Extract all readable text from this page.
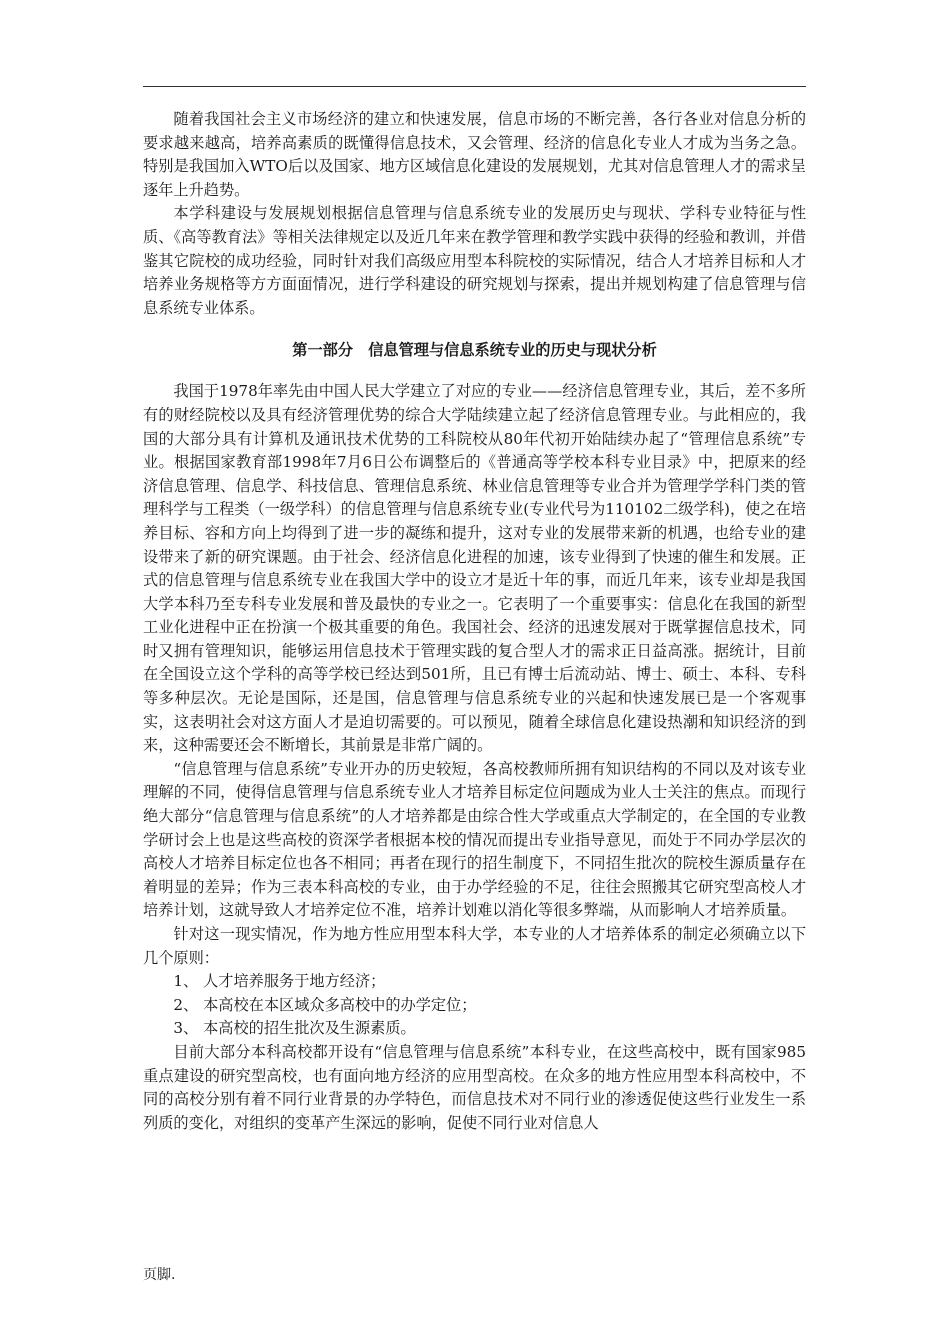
随着我国社会主义市场经济的建立和快速发展，信息市场的不断完善，各行各业对信息分析的要求越来越高，培养高素质的既懂得信息技术，又会管理、经济的信息化专业人才成为当务之急。特别是我国加入WTO后以及国家、地方区域信息化建设的发展规划，尤其对信息管理人才的需求呈逐年上升趋势。

本学科建设与发展规划根据信息管理与信息系统专业的发展历史与现状、学科专业特征与性质、《高等教育法》等相关法律规定以及近几年来在教学管理和教学实践中获得的经验和教训，并借鉴其它院校的成功经验，同时针对我们高级应用型本科院校的实际情况，结合人才培养目标和人才培养业务规格等方方面面情况，进行学科建设的研究规划与探索，提出并规划构建了信息管理与信息系统专业体系。

第一部分　信息管理与信息系统专业的历史与现状分析

我国于1978年率先由中国人民大学建立了对应的专业——经济信息管理专业，其后，差不多所有的财经院校以及具有经济管理优势的综合大学陆续建立起了经济信息管理专业。与此相应的，我国的大部分具有计算机及通讯技术优势的工科院校从80年代初开始陆续办起了“管理信息系统”专业。根据国家教育部1998年7月6日公布调整后的《普通高等学校本科专业目录》中，把原来的经济信息管理、信息学、科技信息、管理信息系统、林业信息管理等专业合并为管理学学科门类的管理科学与工程类（一级学科）的信息管理与信息系统专业(专业代号为110102二级学科)，使之在培养目标、容和方向上均得到了进一步的凝练和提升，这对专业的发展带来新的机遇，也给专业的建设带来了新的研究课题。由于社会、经济信息化进程的加速，该专业得到了快速的催生和发展。正式的信息管理与信息系统专业在我国大学中的设立才是近十年的事，而近几年来，该专业却是我国大学本科乃至专科专业发展和普及最快的专业之一。它表明了一个重要事实：信息化在我国的新型工业化进程中正在扮演一个极其重要的角色。我国社会、经济的迅速发展对于既掌握信息技术，同时又拥有管理知识，能够运用信息技术于管理实践的复合型人才的需求正日益高涨。据统计，目前在全国设立这个学科的高等学校已经达到501所，且已有博士后流动站、博士、硕士、本科、专科等多种层次。无论是国际，还是国，信息管理与信息系统专业的兴起和快速发展已是一个客观事实，这表明社会对这方面人才是迫切需要的。可以预见，随着全球信息化建设热潮和知识经济的到来，这种需要还会不断增长，其前景是非常广阔的。

“信息管理与信息系统”专业开办的历史较短，各高校教师所拥有知识结构的不同以及对该专业理解的不同，使得信息管理与信息系统专业人才培养目标定位问题成为业人士关注的焦点。而现行绝大部分“信息管理与信息系统”的人才培养都是由综合性大学或重点大学制定的，在全国的专业教学研讨会上也是这些高校的资深学者根据本校的情况而提出专业指导意见，而处于不同办学层次的高校人才培养目标定位也各不相同；再者在现行的招生制度下，不同招生批次的院校生源质量存在着明显的差异；作为三表本科高校的专业，由于办学经验的不足，往往会照搬其它研究型高校人才培养计划，这就导致人才培养定位不准，培养计划难以消化等很多弊端，从而影响人才培养质量。

针对这一现实情况，作为地方性应用型本科大学，本专业的人才培养体系的制定必须确立以下几个原则：

1、 人才培养服务于地方经济；

2、 本高校在本区域众多高校中的办学定位；

3、 本高校的招生批次及生源素质。

目前大部分本科高校都开设有“信息管理与信息系统”本科专业，在这些高校中，既有国家985重点建设的研究型高校，也有面向地方经济的应用型高校。在众多的地方性应用型本科高校中，不同的高校分别有着不同行业背景的办学特色，而信息技术对不同行业的渗透促使这些行业发生一系列质的变化，对组织的变革产生深远的影响，促使不同行业对信息人

页脚.
